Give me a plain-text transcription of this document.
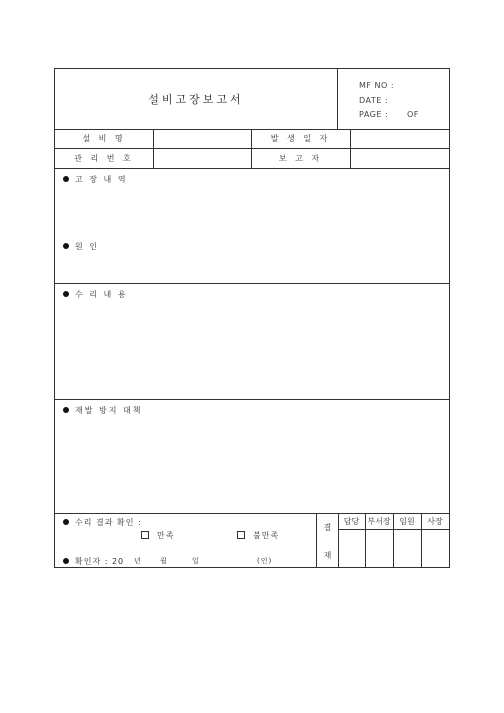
설비고장보고서
MF NO :
DATE :
PAGE : OF
설 비 명	발 생 일 자
관 리 번 호	보 고 자
고 장 내 역
원 인
수 리 내 용
재발 방지 대책
수리 결과 확인 :
만족	불만족
확인자 : 20 년	월	일	(인)
결
재
담당	부서장	임원	사장
